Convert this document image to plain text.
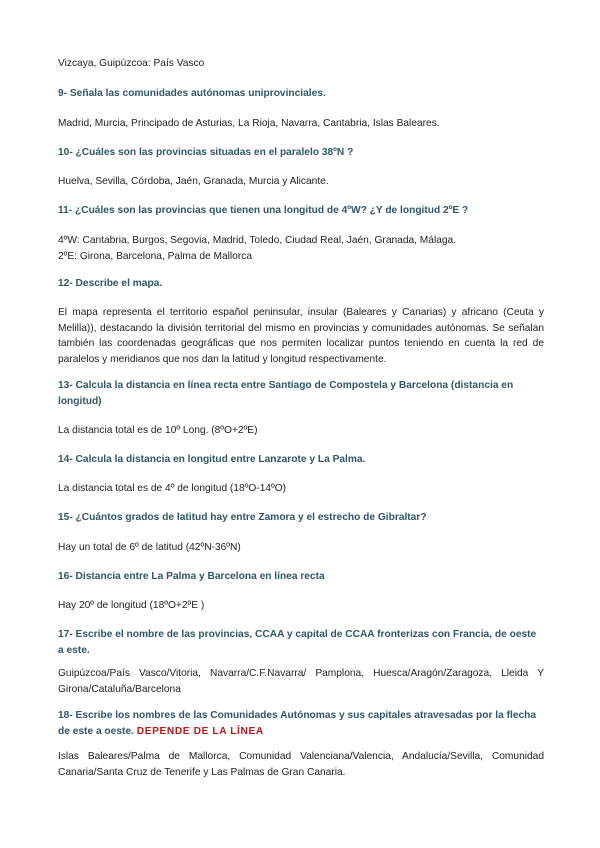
Vizcaya, Guipúzcoa: País Vasco

9- Señala las comunidades autónomas uniprovinciales.

Madrid, Murcia, Principado de Asturias, La Rioja, Navarra, Cantabria, Islas Baleares.

10- ¿Cuáles son las provincias situadas en el paralelo 38ºN ?

Huelva, Sevilla, Córdoba, Jaén, Granada, Murcia y Alicante.

11- ¿Cuáles son las provincias que tienen una longitud de 4ºW? ¿Y de longitud 2ºE ?

4ºW: Cantabria, Burgos, Segovia, Madrid, Toledo, Ciudad Real, Jaén, Granada, Málaga.

2ºE: Girona, Barcelona, Palma de Mallorca

12- Describe el mapa.

El mapa representa el territorio español peninsular, insular (Baleares y Canarias) y africano (Ceuta y Melilla)), destacando la división territorial del mismo en provincias y comunidades autónomas. Se señalan también las coordenadas geográficas que nos permiten localizar puntos teniendo en cuenta la red de paralelos y meridianos que nos dan la latitud y longitud respectivamente.

13- Calcula la distancia en línea recta entre Santiago de Compostela y Barcelona (distancia en longitud)

La distancia total es de 10º Long. (8ºO+2ºE)

14- Calcula la distancia en longitud entre Lanzarote y La Palma.

La distancia total es de 4º de longitud (18ºO-14ºO)

15- ¿Cuántos grados de latitud hay entre Zamora y el estrecho de Gibraltar?

Hay un total de 6º de latitud (42ºN-36ºN)

16- Distancia entre La Palma y Barcelona en línea recta

Hay 20º de longitud (18ºO+2ºE )

17- Escribe el nombre de las provincias, CCAA y capital de CCAA fronterizas con Francia, de oeste a este.

Guipúzcoa/País Vasco/Vitoria, Navarra/C.F.Navarra/ Pamplona, Huesca/Aragón/Zaragoza, Lleida Y Girona/Cataluña/Barcelona

18- Escribe los nombres de las Comunidades Autónomas y sus capitales atravesadas por la flecha de este a oeste. DEPENDE DE LA LÍNEA

Islas Baleares/Palma de Mallorca, Comunidad Valenciana/Valencia, Andalucía/Sevilla, Comunidad Canaria/Santa Cruz de Tenerife y Las Palmas de Gran Canaria.
